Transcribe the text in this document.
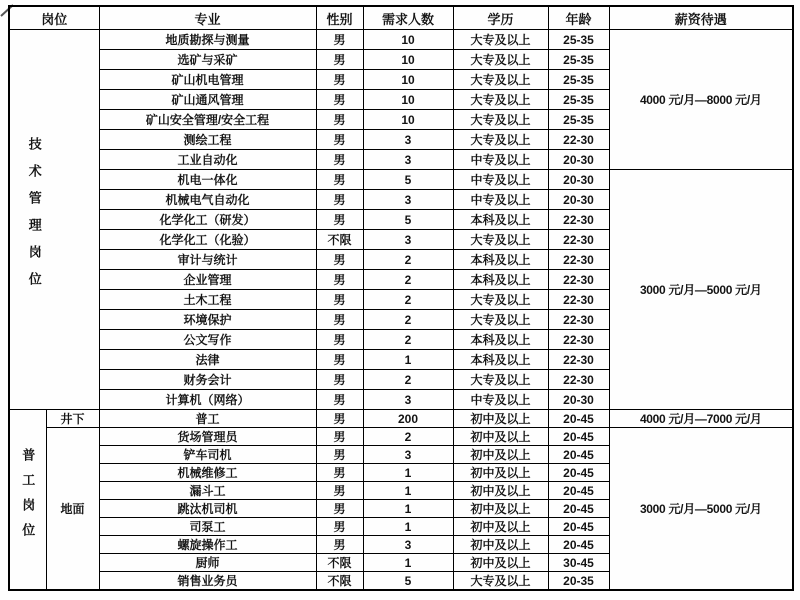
岗位		专业	性别	需求人数	学历	年龄	薪资待遇
技术管理岗位		地质勘探与测量	男	10	大专及以上	25-35	4000 元/月—8000 元/月
		选矿与采矿	男	10	大专及以上	25-35	
		矿山机电管理	男	10	大专及以上	25-35	
		矿山通风管理	男	10	大专及以上	25-35	
		矿山安全管理/安全工程	男	10	大专及以上	25-35	
		测绘工程	男	3	大专及以上	22-30	
		工业自动化	男	3	中专及以上	20-30	
		机电一体化	男	5	中专及以上	20-30	3000 元/月—5000 元/月
		机械电气自动化	男	3	中专及以上	20-30	
		化学化工（研发）	男	5	本科及以上	22-30	
		化学化工（化验）	不限	3	大专及以上	22-30	
		审计与统计	男	2	本科及以上	22-30	
		企业管理	男	2	本科及以上	22-30	
		土木工程	男	2	大专及以上	22-30	
		环境保护	男	2	大专及以上	22-30	
		公文写作	男	2	本科及以上	22-30	
		法律	男	1	本科及以上	22-30	
		财务会计	男	2	大专及以上	22-30	
		计算机（网络）	男	3	中专及以上	20-30	
普工岗位	井下	普工	男	200	初中及以上	20-45	4000 元/月—7000 元/月
	地面	货场管理员	男	2	初中及以上	20-45	3000 元/月—5000 元/月
		铲车司机	男	3	初中及以上	20-45	
		机械维修工	男	1	初中及以上	20-45	
		漏斗工	男	1	初中及以上	20-45	
		跳汰机司机	男	1	初中及以上	20-45	
		司泵工	男	1	初中及以上	20-45	
		螺旋操作工	男	3	初中及以上	20-45	
		厨师	不限	1	初中及以上	30-45	
		销售业务员	不限	5	大专及以上	20-35	
